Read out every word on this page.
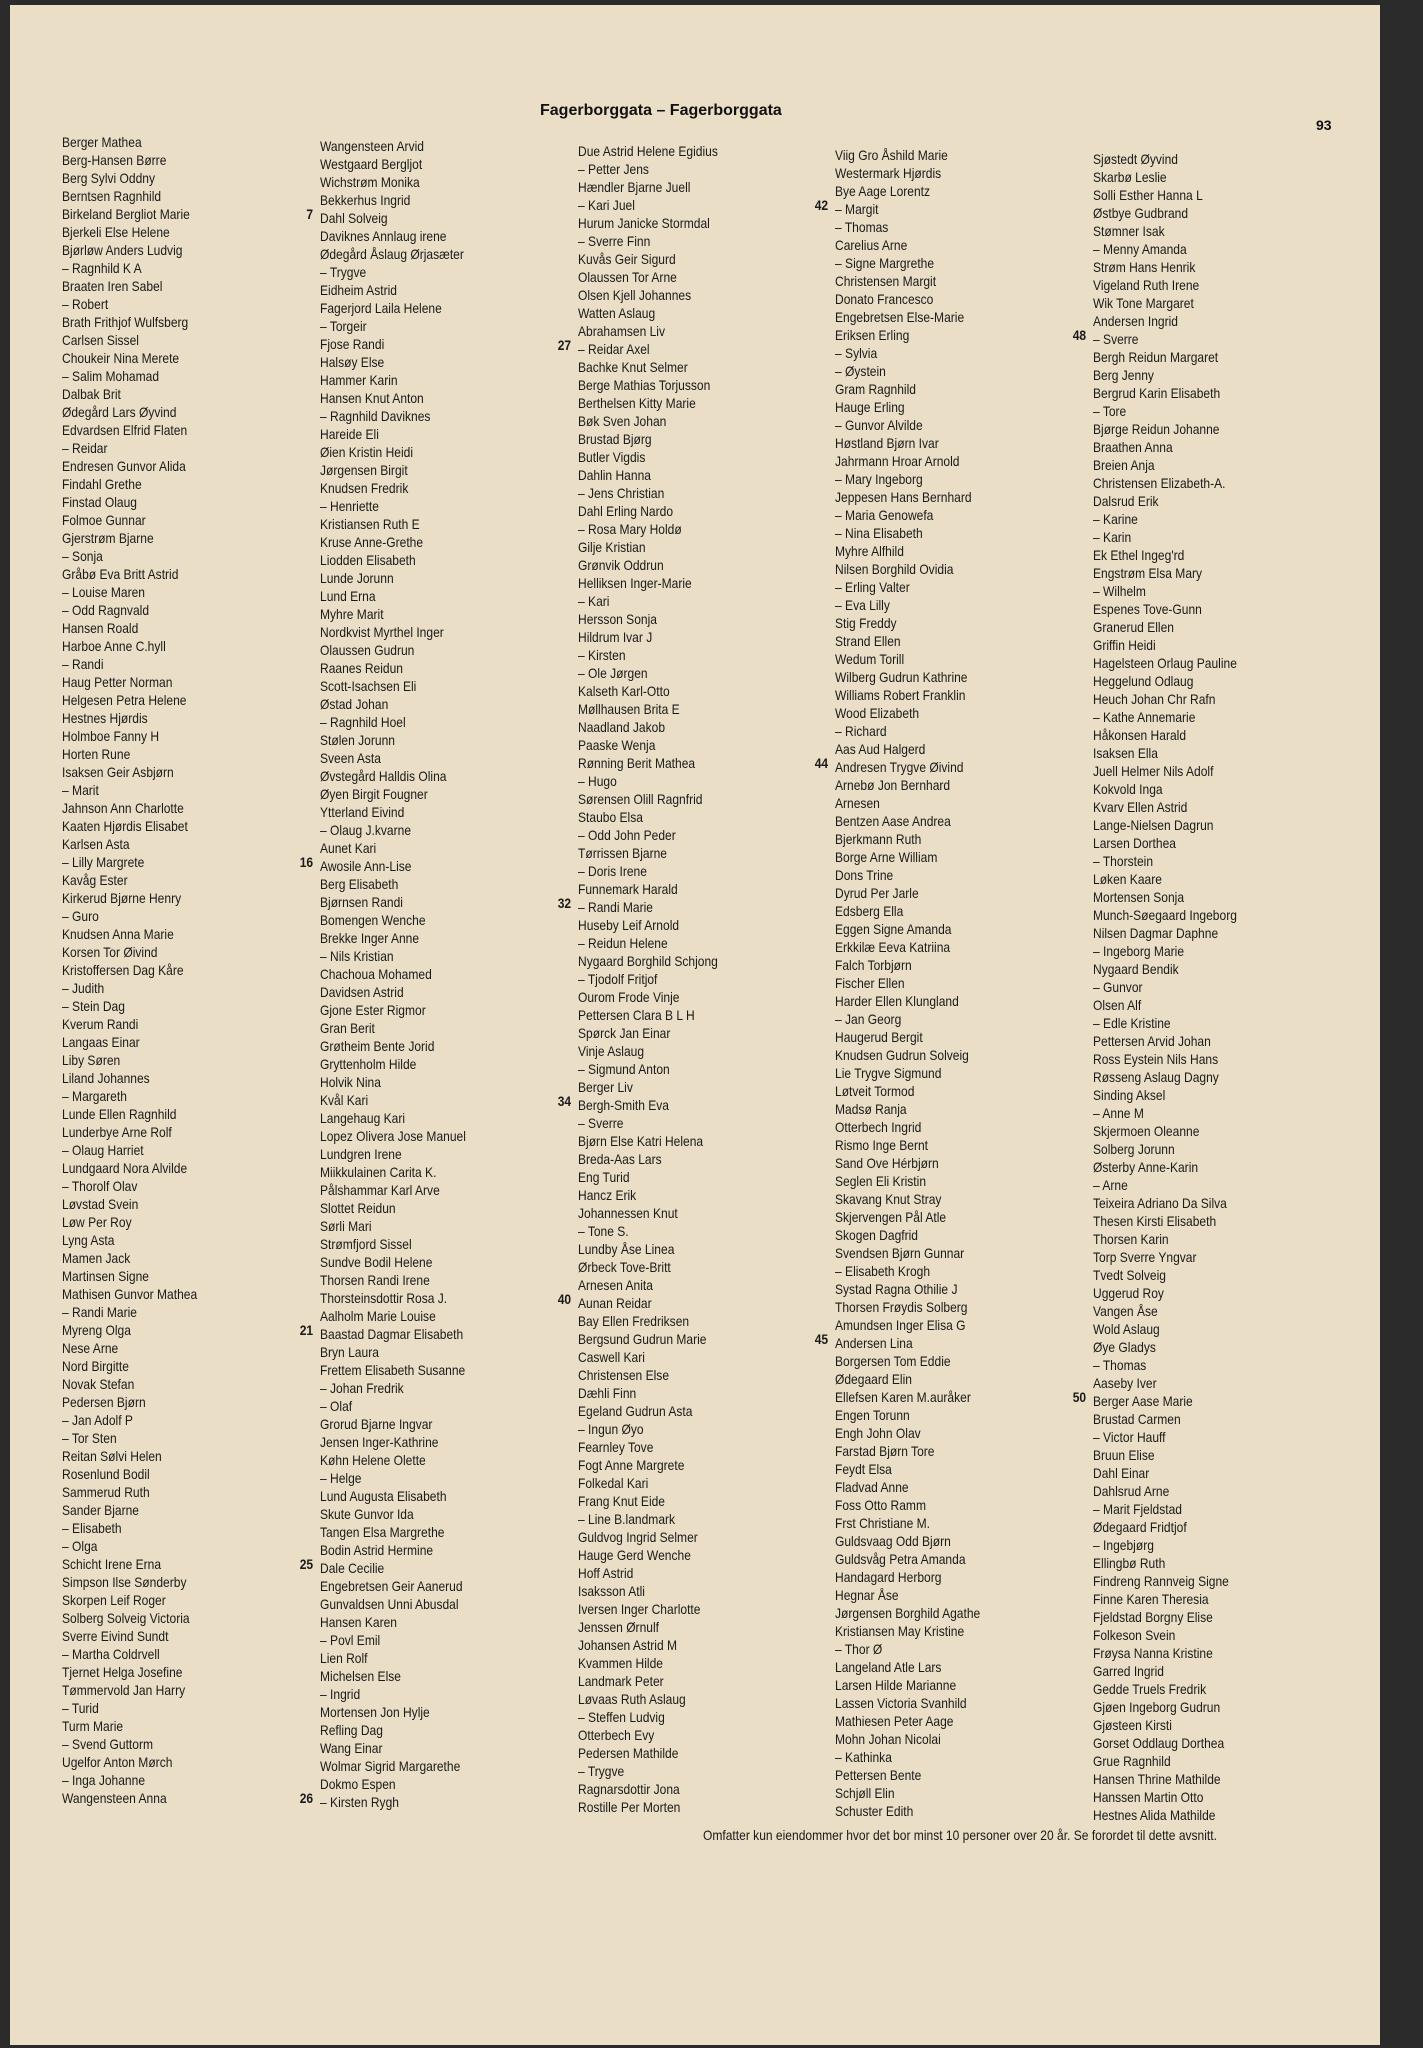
Fagerborggata – Fagerborggata
93
Berger Mathea
Berg-Hansen Børre
Berg Sylvi Oddny
Berntsen Ragnhild
Birkeland Bergliot Marie
Bjerkeli Else Helene
Bjørløw Anders Ludvig
– Ragnhild K A
Braaten Iren Sabel
– Robert
Brath Frithjof Wulfsberg
Carlsen Sissel
Choukeir Nina Merete
– Salim Mohamad
Dalbak Brit
Ødegård Lars Øyvind
Edvardsen Elfrid Flaten
– Reidar
Endresen Gunvor Alida
Findahl Grethe
Finstad Olaug
Folmoe Gunnar
Gjerstrøm Bjarne
– Sonja
Gråbø Eva Britt Astrid
– Louise Maren
– Odd Ragnvald
Hansen Roald
Harboe Anne C.hyll
– Randi
Haug Petter Norman
Helgesen Petra Helene
Hestnes Hjørdis
Holmboe Fanny H
Horten Rune
Isaksen Geir Asbjørn
– Marit
Jahnson Ann Charlotte
Kaaten Hjørdis Elisabet
Karlsen Asta
– Lilly Margrete
Kavåg Ester
Kirkerud Bjørne Henry
– Guro
Knudsen Anna Marie
Korsen Tor Øivind
Kristoffersen Dag Kåre
– Judith
– Stein Dag
Kverum Randi
Langaas Einar
Liby Søren
Liland Johannes
– Margareth
Lunde Ellen Ragnhild
Lunderbye Arne Rolf
– Olaug Harriet
Lundgaard Nora Alvilde
– Thorolf Olav
Løvstad Svein
Løw Per Roy
Lyng Asta
Mamen Jack
Martinsen Signe
Mathisen Gunvor Mathea
– Randi Marie
Myreng Olga
Nese Arne
Nord Birgitte
Novak Stefan
Pedersen Bjørn
– Jan Adolf P
– Tor Sten
Reitan Sølvi Helen
Rosenlund Bodil
Sammerud Ruth
Sander Bjarne
– Elisabeth
– Olga
Schicht Irene Erna
Simpson Ilse Sønderby
Skorpen Leif Roger
Solberg Solveig Victoria
Sverre Eivind Sundt
– Martha Coldrvell
Tjernet Helga Josefine
Tømmervold Jan Harry
– Turid
Turm Marie
– Svend Guttorm
Ugelfor Anton Mørch
– Inga Johanne
Wangensteen Anna
Wangensteen Arvid
Westgaard Bergljot
Wichstrøm Monika
7
Bekkerhus Ingrid
Dahl Solveig
Daviknes Annlaug irene
Ødegård Åslaug Ørjasæter
– Trygve
Eidheim Astrid
Fagerjord Laila Helene
– Torgeir
Fjose Randi
Halsøy Else
Hammer Karin
Hansen Knut Anton
– Ragnhild Daviknes
Hareide Eli
Øien Kristin Heidi
Jørgensen Birgit
Knudsen Fredrik
– Henriette
Kristiansen Ruth E
Kruse Anne-Grethe
Liodden Elisabeth
Lunde Jorunn
Lund Erna
Myhre Marit
Nordkvist Myrthel Inger
Olaussen Gudrun
Raanes Reidun
Scott-Isachsen Eli
Østad Johan
– Ragnhild Hoel
Stølen Jorunn
Sveen Asta
Øvstegård Halldis Olina
Øyen Birgit Fougner
Ytterland Eivind
– Olaug J.kvarne
16
Aunet Kari
Awosile Ann-Lise
Berg Elisabeth
Bjørnsen Randi
Bomengen Wenche
Brekke Inger Anne
– Nils Kristian
Chachoua Mohamed
Davidsen Astrid
Gjone Ester Rigmor
Gran Berit
Grøtheim Bente Jorid
Gryttenholm Hilde
Holvik Nina
Kvål Kari
Langehaug Kari
Lopez Olivera Jose Manuel
Lundgren Irene
Miikkulainen Carita K.
Pålshammar Karl Arve
Slottet Reidun
Sørli Mari
Strømfjord Sissel
Sundve Bodil Helene
Thorsen Randi Irene
Thorsteinsdottir Rosa J.
21
Aalholm Marie Louise
Baastad Dagmar Elisabeth
Bryn Laura
Frettem Elisabeth Susanne
– Johan Fredrik
– Olaf
Grorud Bjarne Ingvar
Jensen Inger-Kathrine
Køhn Helene Olette
– Helge
Lund Augusta Elisabeth
Skute Gunvor Ida
Tangen Elsa Margrethe
25
Bodin Astrid Hermine
Dale Cecilie
Engebretsen Geir Aanerud
Gunvaldsen Unni Abusdal
Hansen Karen
– Povl Emil
Lien Rolf
Michelsen Else
– Ingrid
Mortensen Jon Hylje
Refling Dag
Wang Einar
Wolmar Sigrid Margarethe
26
Dokmo Espen
– Kirsten Rygh
Due Astrid Helene Egidius
– Petter Jens
Hændler Bjarne Juell
– Kari Juel
Hurum Janicke Stormdal
– Sverre Finn
Kuvås Geir Sigurd
Olaussen Tor Arne
Olsen Kjell Johannes
Watten Aslaug
27
Abrahamsen Liv
– Reidar Axel
Bachke Knut Selmer
Berge Mathias Torjusson
Berthelsen Kitty Marie
Bøk Sven Johan
Brustad Bjørg
Butler Vigdis
Dahlin Hanna
– Jens Christian
Dahl Erling Nardo
– Rosa Mary Holdø
Gilje Kristian
Grønvik Oddrun
Helliksen Inger-Marie
– Kari
Hersson Sonja
Hildrum Ivar J
– Kirsten
– Ole Jørgen
Kalseth Karl-Otto
Møllhausen Brita E
Naadland Jakob
Paaske Wenja
Rønning Berit Mathea
– Hugo
Sørensen Olill Ragnfrid
Staubo Elsa
– Odd John Peder
Tørrissen Bjarne
– Doris Irene
32
Funnemark Harald
– Randi Marie
Huseby Leif Arnold
– Reidun Helene
Nygaard Borghild Schjong
– Tjodolf Fritjof
Ourom Frode Vinje
Pettersen Clara B L H
Spørck Jan Einar
Vinje Aslaug
– Sigmund Anton
34
Berger Liv
Bergh-Smith Eva
– Sverre
Bjørn Else Katri Helena
Breda-Aas Lars
Eng Turid
Hancz Erik
Johannessen Knut
– Tone S.
Lundby Åse Linea
Ørbeck Tove-Britt
40
Arnesen Anita
Aunan Reidar
Bay Ellen Fredriksen
Bergsund Gudrun Marie
Caswell Kari
Christensen Else
Dæhli Finn
Egeland Gudrun Asta
– Ingun Øyo
Fearnley Tove
Fogt Anne Margrete
Folkedal Kari
Frang Knut Eide
– Line B.landmark
Guldvog Ingrid Selmer
Hauge Gerd Wenche
Hoff Astrid
Isaksson Atli
Iversen Inger Charlotte
Jenssen Ørnulf
Johansen Astrid M
Kvammen Hilde
Landmark Peter
Løvaas Ruth Aslaug
– Steffen Ludvig
Otterbech Evy
Pedersen Mathilde
– Trygve
Ragnarsdottir Jona
Rostille Per Morten
Viig Gro Åshild Marie
Westermark Hjørdis
42
Bye Aage Lorentz
– Margit
– Thomas
Carelius Arne
– Signe Margrethe
Christensen Margit
Donato Francesco
Engebretsen Else-Marie
Eriksen Erling
– Sylvia
– Øystein
Gram Ragnhild
Hauge Erling
– Gunvor Alvilde
Høstland Bjørn Ivar
Jahrmann Hroar Arnold
– Mary Ingeborg
Jeppesen Hans Bernhard
– Maria Genowefa
– Nina Elisabeth
Myhre Alfhild
Nilsen Borghild Ovidia
– Erling Valter
– Eva Lilly
Stig Freddy
Strand Ellen
Wedum Torill
Wilberg Gudrun Kathrine
Williams Robert Franklin
Wood Elizabeth
– Richard
44
Aas Aud Halgerd
Andresen Trygve Øivind
Arnebø Jon Bernhard
Arnesen
Bentzen Aase Andrea
Bjerkmann Ruth
Borge Arne William
Dons Trine
Dyrud Per Jarle
Edsberg Ella
Eggen Signe Amanda
Erkkilæ Eeva Katriina
Falch Torbjørn
Fischer Ellen
Harder Ellen Klungland
– Jan Georg
Haugerud Bergit
Knudsen Gudrun Solveig
Lie Trygve Sigmund
Løtveit Tormod
Madsø Ranja
Otterbech Ingrid
Rismo Inge Bernt
Sand Ove Hérbjørn
Seglen Eli Kristin
Skavang Knut Stray
Skjervengen Pål Atle
Skogen Dagfrid
Svendsen Bjørn Gunnar
– Elisabeth Krogh
Systad Ragna Othilie J
Thorsen Frøydis Solberg
45
Amundsen Inger Elisa G
Andersen Lina
Borgersen Tom Eddie
Ødegaard Elin
Ellefsen Karen M.auråker
Engen Torunn
Engh John Olav
Farstad Bjørn Tore
Feydt Elsa
Fladvad Anne
Foss Otto Ramm
Frst Christiane M.
Guldsvaag Odd Bjørn
Guldsvåg Petra Amanda
Handagard Herborg
Hegnar Åse
Jørgensen Borghild Agathe
Kristiansen May Kristine
– Thor Ø
Langeland Atle Lars
Larsen Hilde Marianne
Lassen Victoria Svanhild
Mathiesen Peter Aage
Mohn Johan Nicolai
– Kathinka
Pettersen Bente
Schjøll Elin
Schuster Edith
Sjøstedt Øyvind
Skarbø Leslie
Solli Esther Hanna L
Østbye Gudbrand
Stømner Isak
– Menny Amanda
Strøm Hans Henrik
Vigeland Ruth Irene
Wik Tone Margaret
48
Andersen Ingrid
– Sverre
Bergh Reidun Margaret
Berg Jenny
Bergrud Karin Elisabeth
– Tore
Bjørge Reidun Johanne
Braathen Anna
Breien Anja
Christensen Elizabeth-A.
Dalsrud Erik
– Karine
– Karin
Ek Ethel Ingeg'rd
Engstrøm Elsa Mary
– Wilhelm
Espenes Tove-Gunn
Granerud Ellen
Griffin Heidi
Hagelsteen Orlaug Pauline
Heggelund Odlaug
Heuch Johan Chr Rafn
– Kathe Annemarie
Håkonsen Harald
Isaksen Ella
Juell Helmer Nils Adolf
Kokvold Inga
Kvarv Ellen Astrid
Lange-Nielsen Dagrun
Larsen Dorthea
– Thorstein
Løken Kaare
Mortensen Sonja
Munch-Søegaard Ingeborg
Nilsen Dagmar Daphne
– Ingeborg Marie
Nygaard Bendik
– Gunvor
Olsen Alf
– Edle Kristine
Pettersen Arvid Johan
Ross Eystein Nils Hans
Røsseng Aslaug Dagny
Sinding Aksel
– Anne M
Skjermoen Oleanne
Solberg Jorunn
Østerby Anne-Karin
– Arne
Teixeira Adriano Da Silva
Thesen Kirsti Elisabeth
Thorsen Karin
Torp Sverre Yngvar
Tvedt Solveig
Uggerud Roy
Vangen Åse
Wold Aslaug
Øye Gladys
– Thomas
50
Aaseby Iver
Berger Aase Marie
Brustad Carmen
– Victor Hauff
Bruun Elise
Dahl Einar
Dahlsrud Arne
– Marit Fjeldstad
Ødegaard Fridtjof
– Ingebjørg
Ellingbø Ruth
Findreng Rannveig Signe
Finne Karen Theresia
Fjeldstad Borgny Elise
Folkeson Svein
Frøysa Nanna Kristine
Garred Ingrid
Gedde Truels Fredrik
Gjøen Ingeborg Gudrun
Gjøsteen Kirsti
Gorset Oddlaug Dorthea
Grue Ragnhild
Hansen Thrine Mathilde
Hanssen Martin Otto
Hestnes Alida Mathilde
Omfatter kun eiendommer hvor det bor minst 10 personer over 20 år. Se forordet til dette avsnitt.
